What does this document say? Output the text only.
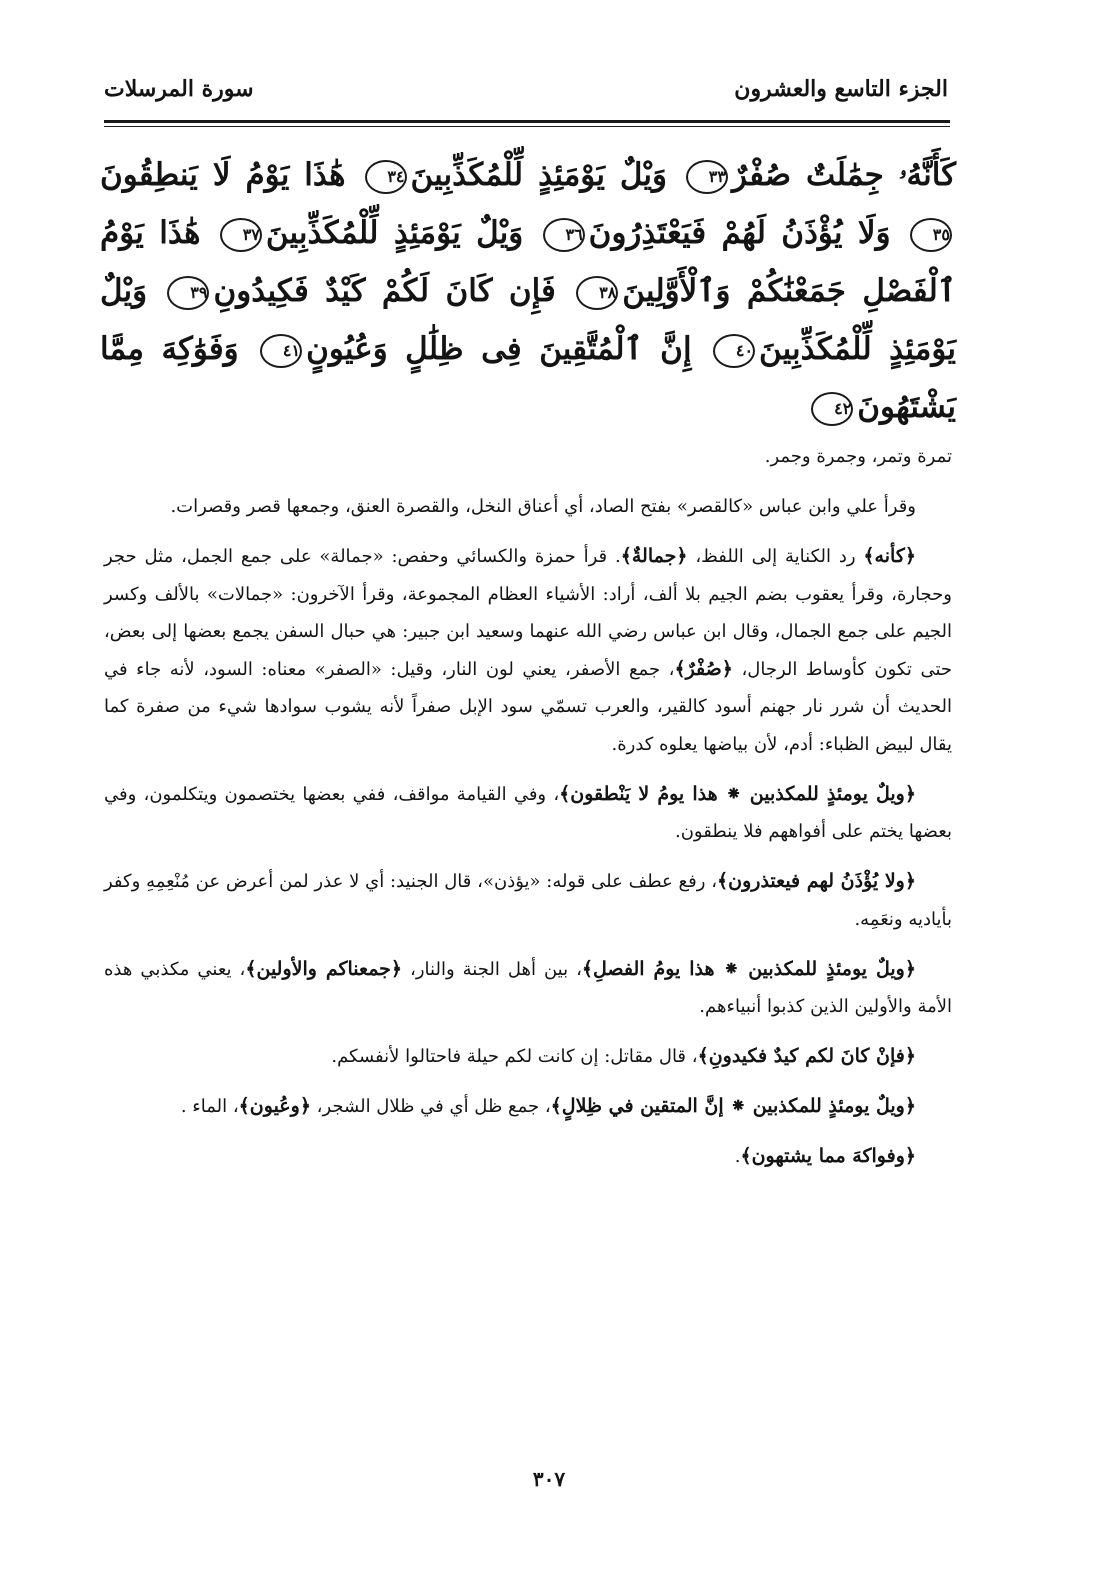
الجزء التاسع والعشرون
سورة المرسلات
كَأَنَّهُۥ جِمَٰلَتٌ صُفْرٌ٣٣ وَيْلٌ يَوْمَئِذٍ لِّلْمُكَذِّبِينَ٣٤ هَٰذَا يَوْمُ لَا يَنطِقُونَ٣٥ وَلَا يُؤْذَنُ لَهُمْ فَيَعْتَذِرُونَ٣٦ وَيْلٌ يَوْمَئِذٍ لِّلْمُكَذِّبِينَ٣٧ هَٰذَا يَوْمُ ٱلْفَصْلِ جَمَعْنَٰكُمْ وَٱلْأَوَّلِينَ٣٨ فَإِن كَانَ لَكُمْ كَيْدٌ فَكِيدُونِ٣٩ وَيْلٌ يَوْمَئِذٍ لِّلْمُكَذِّبِينَ٤٠ إِنَّ ٱلْمُتَّقِينَ فِى ظِلَٰلٍ وَعُيُونٍ٤١ وَفَوَٰكِهَ مِمَّا يَشْتَهُونَ٤٢

تمرة وتمر، وجمرة وجمر.

وقرأ علي وابن عباس «كالقصر» بفتح الصاد، أي أعناق النخل، والقصرة العنق، وجمعها قصر وقصرات.

﴿كأنه﴾ رد الكناية إلى اللفظ، ﴿جمالةٌ﴾. قرأ حمزة والكسائي وحفص: «جمالة» على جمع الجمل، مثل حجر وحجارة، وقرأ يعقوب بضم الجيم بلا ألف، أراد: الأشياء العظام المجموعة، وقرأ الآخرون: «جمالات» بالألف وكسر الجيم على جمع الجمال، وقال ابن عباس رضي الله عنهما وسعيد ابن جبير: هي حبال السفن يجمع بعضها إلى بعض، حتى تكون كأوساط الرجال، ﴿صُفْرٌ﴾، جمع الأصفر، يعني لون النار، وقيل: «الصفر» معناه: السود، لأنه جاء في الحديث أن شرر نار جهنم أسود كالقير، والعرب تسمّي سود الإبل صفراً لأنه يشوب سوادها شيء من صفرة كما يقال لبيض الظباء: أدم، لأن بياضها يعلوه كدرة.

﴿ويلٌ يومئذٍ للمكذبين ⁕ هذا يومُ لا يَنْطقون﴾، وفي القيامة مواقف، ففي بعضها يختصمون ويتكلمون، وفي بعضها يختم على أفواههم فلا ينطقون.

﴿ولا يُؤْذَنُ لهم فيعتذرون﴾، رفع عطف على قوله: «يؤذن»، قال الجنيد: أي لا عذر لمن أعرض عن مُنْعِمِهِ وكفر بأياديه ونعَمِه.

﴿ويلٌ يومئذٍ للمكذبين ⁕ هذا يومُ الفصلِ﴾، بين أهل الجنة والنار، ﴿جمعناكم والأولين﴾، يعني مكذبي هذه الأمة والأولين الذين كذبوا أنبياءهم.

﴿فإنْ كانَ لكم كيدٌ فكيدونِ﴾، قال مقاتل: إن كانت لكم حيلة فاحتالوا لأنفسكم.

﴿ويلٌ يومئذٍ للمكذبين ⁕ إنَّ المتقين في ظِلالٍ﴾، جمع ظل أي في ظلال الشجر، ﴿وعُيون﴾، الماء .

﴿وفواكهَ مما يشتهون﴾.

٣٠٧
